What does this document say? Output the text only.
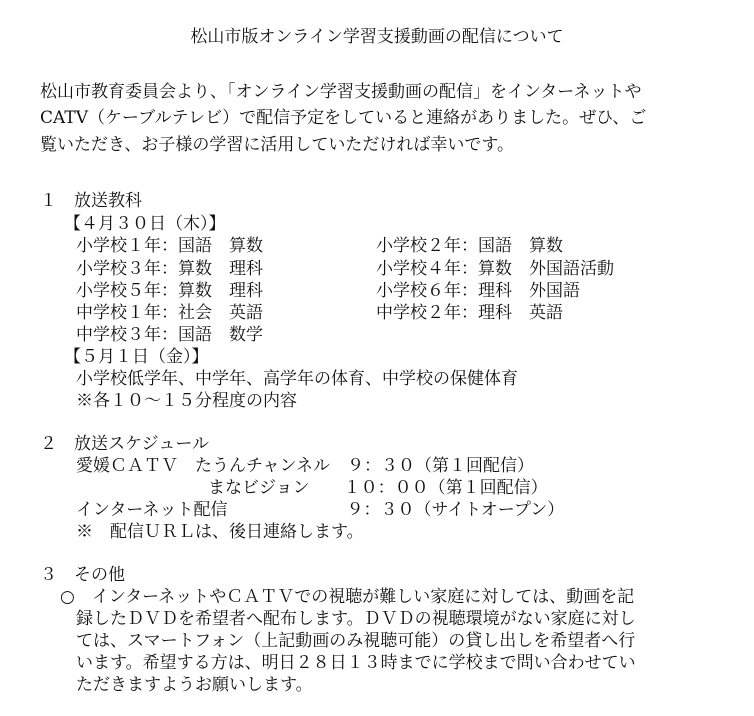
松山市版オンライン学習支援動画の配信について
松山市教育委員会より、「オンライン学習支援動画の配信」をインターネットや
CATV（ケーブルテレビ）で配信予定をしていると連絡がありました。ぜひ、ご
覧いただき、お子様の学習に活用していただければ幸いです。
１　放送教科
【４月３０日（木）】
小学校１年：国語　算数	小学校２年：国語　算数
小学校３年：算数　理科	小学校４年：算数　外国語活動
小学校５年：算数　理科	小学校６年：理科　外国語
中学校１年：社会　英語	中学校２年：理科　英語
中学校３年：国語　数学
【５月１日（金）】
小学校低学年、中学年、高学年の体育、中学校の保健体育
※各１０～１５分程度の内容
２　放送スケジュール
愛媛ＣＡＴＶ　たうんチャンネル　９：３０（第１回配信）
まなビジョン　　１０：００（第１回配信）
インターネット配信　　　　　　　９：３０（サイトオープン）
※　配信ＵＲＬは、後日連絡します。
３　その他
○　インターネットやＣＡＴＶでの視聴が難しい家庭に対しては、動画を記
録したＤＶＤを希望者へ配布します。ＤＶＤの視聴環境がない家庭に対し
ては、スマートフォン（上記動画のみ視聴可能）の貸し出しを希望者へ行
います。希望する方は、明日２８日１３時までに学校まで問い合わせてい
ただきますようお願いします。
